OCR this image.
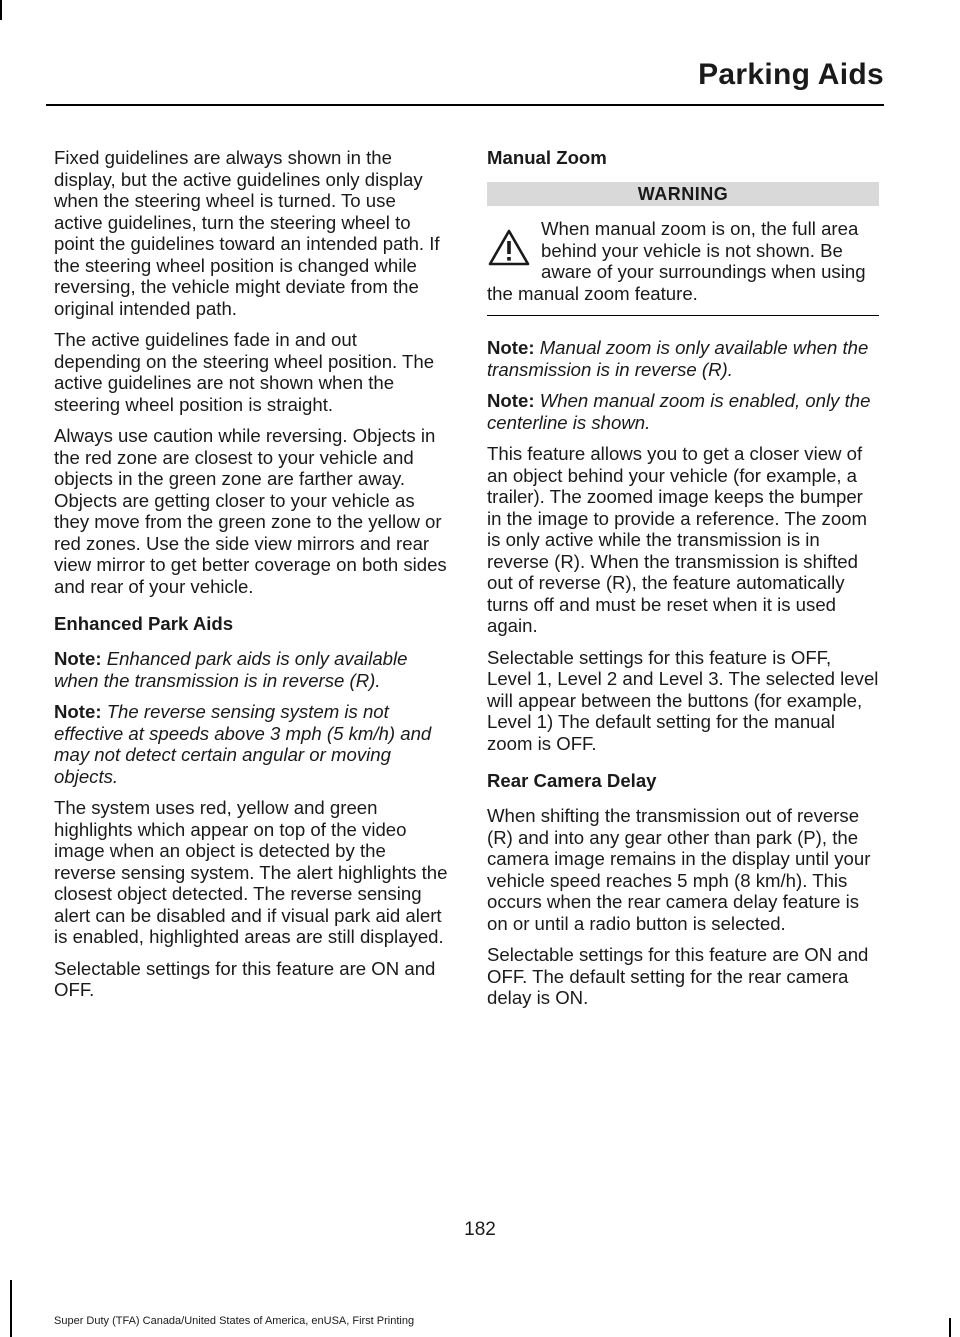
Parking Aids

Fixed guidelines are always shown in the display, but the active guidelines only display when the steering wheel is turned. To use active guidelines, turn the steering wheel to point the guidelines toward an intended path. If the steering wheel position is changed while reversing, the vehicle might deviate from the original intended path.

The active guidelines fade in and out depending on the steering wheel position. The active guidelines are not shown when the steering wheel position is straight.

Always use caution while reversing. Objects in the red zone are closest to your vehicle and objects in the green zone are farther away. Objects are getting closer to your vehicle as they move from the green zone to the yellow or red zones. Use the side view mirrors and rear view mirror to get better coverage on both sides and rear of your vehicle.

Enhanced Park Aids

Note: Enhanced park aids is only available when the transmission is in reverse (R).

Note: The reverse sensing system is not effective at speeds above 3 mph (5 km/h) and may not detect certain angular or moving objects.

The system uses red, yellow and green highlights which appear on top of the video image when an object is detected by the reverse sensing system. The alert highlights the closest object detected. The reverse sensing alert can be disabled and if visual park aid alert is enabled, highlighted areas are still displayed.

Selectable settings for this feature are ON and OFF.

Manual Zoom
WARNING
When manual zoom is on, the full area behind your vehicle is not shown. Be aware of your surroundings when using the manual zoom feature.

Note: Manual zoom is only available when the transmission is in reverse (R).

Note: When manual zoom is enabled, only the centerline is shown.

This feature allows you to get a closer view of an object behind your vehicle (for example, a trailer). The zoomed image keeps the bumper in the image to provide a reference. The zoom is only active while the transmission is in reverse (R). When the transmission is shifted out of reverse (R), the feature automatically turns off and must be reset when it is used again.

Selectable settings for this feature is OFF, Level 1, Level 2 and Level 3. The selected level will appear between the buttons (for example, Level 1) The default setting for the manual zoom is OFF.

Rear Camera Delay

When shifting the transmission out of reverse (R) and into any gear other than park (P), the camera image remains in the display until your vehicle speed reaches 5 mph (8 km/h). This occurs when the rear camera delay feature is on or until a radio button is selected.

Selectable settings for this feature are ON and OFF. The default setting for the rear camera delay is ON.

182
Super Duty (TFA) Canada/United States of America, enUSA, First Printing
